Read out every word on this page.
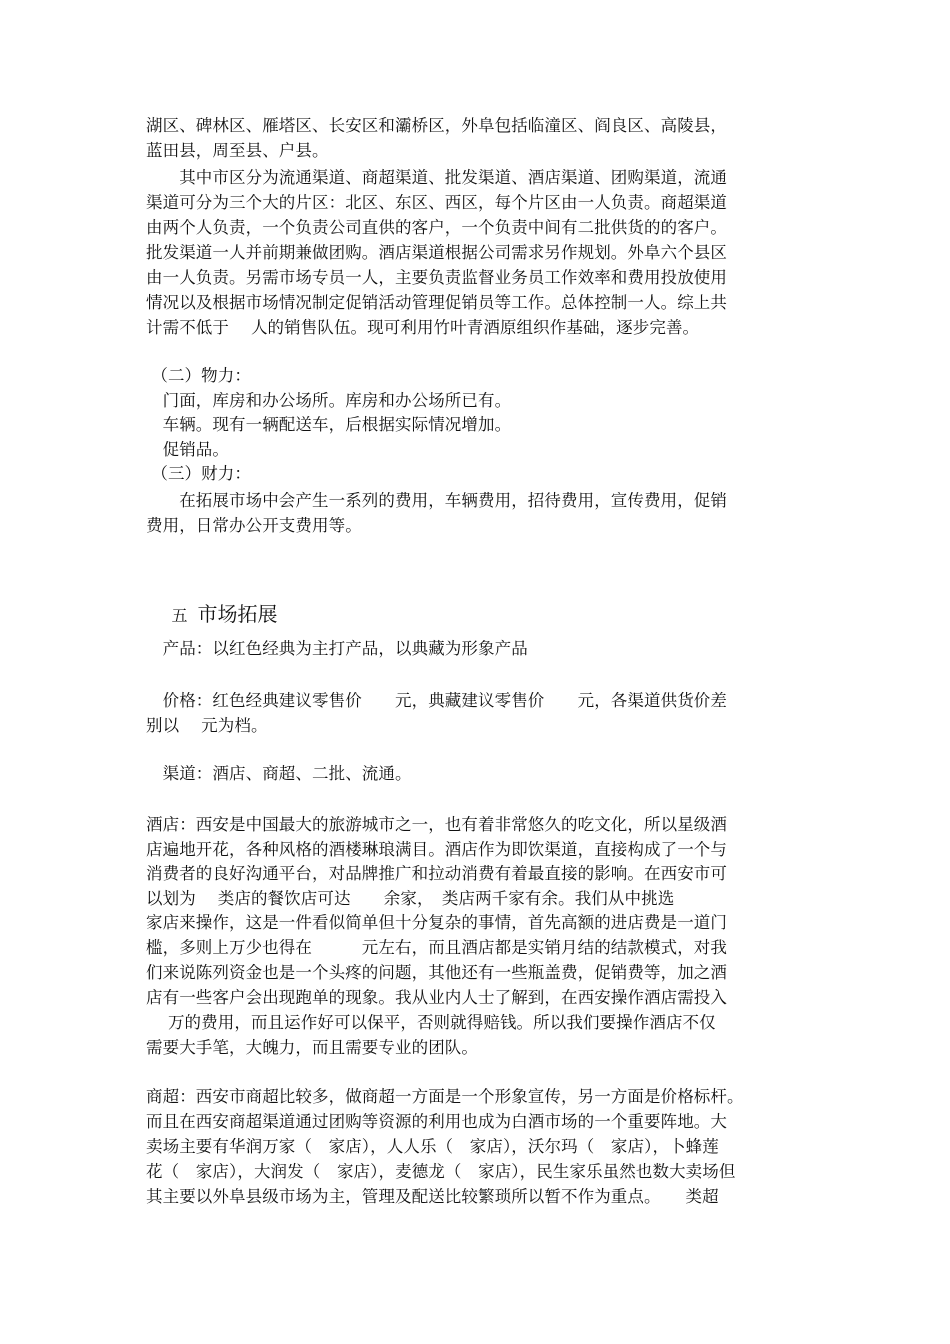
湖区、碑林区、雁塔区、长安区和灞桥区，外阜包括临潼区、阎良区、高陵县，
蓝田县，周至县、户县。
　　其中市区分为流通渠道、商超渠道、批发渠道、酒店渠道、团购渠道，流通
渠道可分为三个大的片区：北区、东区、西区，每个片区由一人负责。商超渠道
由两个人负责，一个负责公司直供的客户，一个负责中间有二批供货的的客户。
批发渠道一人并前期兼做团购。酒店渠道根据公司需求另作规划。外阜六个县区
由一人负责。另需市场专员一人，主要负责监督业务员工作效率和费用投放使用
情况以及根据市场情况制定促销活动管理促销员等工作。总体控制一人。综上共
计需不低于　 人的销售队伍。现可利用竹叶青酒原组织作基础，逐步完善。
（二）物力：
　门面，库房和办公场所。库房和办公场所已有。
　车辆。现有一辆配送车，后根据实际情况增加。
　促销品。
（三）财力：
　　在拓展市场中会产生一系列的费用，车辆费用，招待费用，宣传费用，促销
费用，日常办公开支费用等。

五 市场拓展

　产品：以红色经典为主打产品，以典藏为形象产品
　价格：红色经典建议零售价　　元，典藏建议零售价　　元，各渠道供货价差
别以　 元为档。
　渠道：酒店、商超、二批、流通。
酒店：西安是中国最大的旅游城市之一，也有着非常悠久的吃文化，所以星级酒
店遍地开花，各种风格的酒楼琳琅满目。酒店作为即饮渠道，直接构成了一个与
消费者的良好沟通平台，对品牌推广和拉动消费有着最直接的影响。在西安市可
以划为　 类店的餐饮店可达　　余家，　类店两千家有余。我们从中挑选
家店来操作，这是一件看似简单但十分复杂的事情，首先高额的进店费是一道门
槛，多则上万少也得在　　　元左右，而且酒店都是实销月结的结款模式，对我
们来说陈列资金也是一个头疼的问题，其他还有一些瓶盖费，促销费等，加之酒
店有一些客户会出现跑单的现象。我从业内人士了解到，在西安操作酒店需投入
　 万的费用，而且运作好可以保平，否则就得赔钱。所以我们要操作酒店不仅
需要大手笔，大魄力，而且需要专业的团队。
商超：西安市商超比较多，做商超一方面是一个形象宣传，另一方面是价格标杆。
而且在西安商超渠道通过团购等资源的利用也成为白酒市场的一个重要阵地。大
卖场主要有华润万家（　家店），人人乐（　家店），沃尔玛（　家店），卜蜂莲
花（　家店），大润发（　家店），麦德龙（　家店），民生家乐虽然也数大卖场但
其主要以外阜县级市场为主，管理及配送比较繁琐所以暂不作为重点。　　类超
